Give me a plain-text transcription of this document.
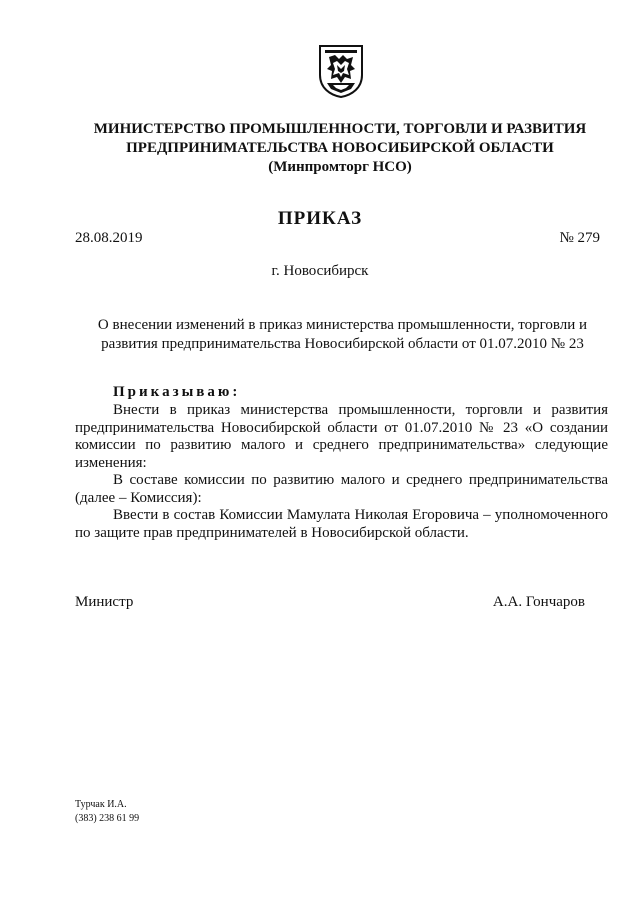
МИНИСТЕРСТВО ПРОМЫШЛЕННОСТИ, ТОРГОВЛИ И РАЗВИТИЯ
ПРЕДПРИНИМАТЕЛЬСТВА НОВОСИБИРСКОЙ ОБЛАСТИ
(Минпромторг НСО)
ПРИКАЗ
28.08.2019	№ 279
г. Новосибирск
О внесении изменений в приказ министерства промышленности, торговли и
развития предпринимательства Новосибирской области от 01.07.2010 № 23
Приказываю:

Внести в приказ министерства промышленности, торговли и развития предпринимательства Новосибирской области от 01.07.2010 № 23 «О создании комиссии по развитию малого и среднего предпринимательства» следующие изменения:

В составе комиссии по развитию малого и среднего предпринимательства (далее – Комиссия):

Ввести в состав Комиссии Мамулата Николая Егоровича – уполномоченного по защите прав предпринимателей в Новосибирской области.

Министр	А.А. Гончаров
Турчак И.А.
(383) 238 61 99
